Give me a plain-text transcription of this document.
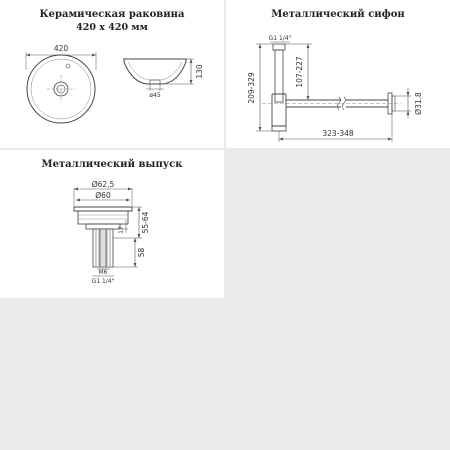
Керамическая раковина
420 x 420 мм
420
130
ø45
Металлический сифон
G1 1/4"
209-329
107-227
323-348
Ø31.8
Металлический выпуск
Ø62,5
Ø60
17 55-64
58
M6
G1 1/4"
